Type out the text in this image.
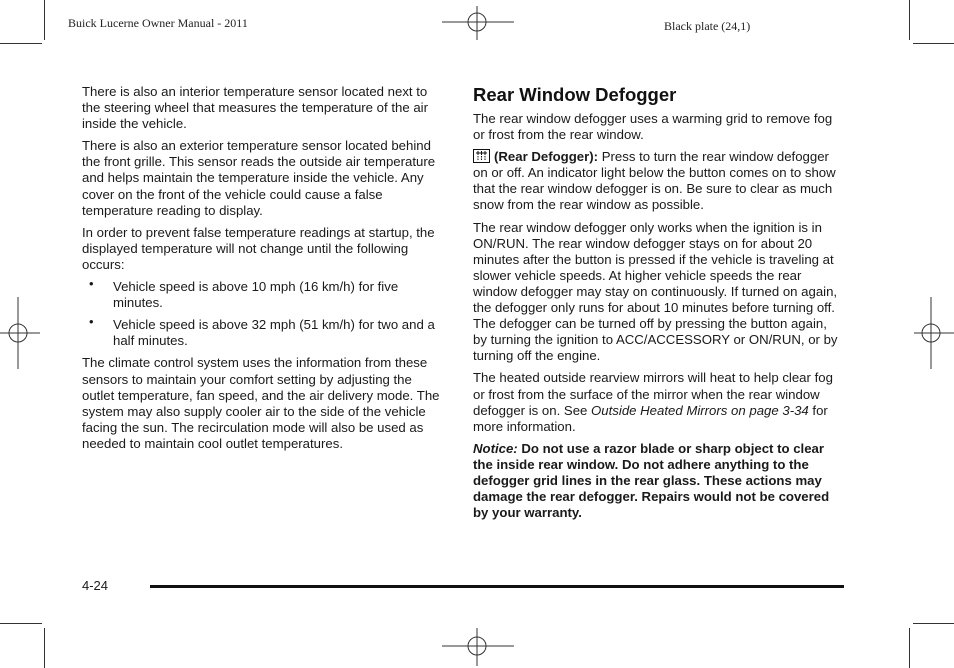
Buick Lucerne Owner Manual - 2011	Black plate (24,1)

There is also an interior temperature sensor located next to the steering wheel that measures the temperature of the air inside the vehicle.

There is also an exterior temperature sensor located behind the front grille. This sensor reads the outside air temperature and helps maintain the temperature inside the vehicle. Any cover on the front of the vehicle could cause a false temperature reading to display.

In order to prevent false temperature readings at startup, the displayed temperature will not change until the following occurs:

• Vehicle speed is above 10 mph (16 km/h) for five minutes.
• Vehicle speed is above 32 mph (51 km/h) for two and a half minutes.

The climate control system uses the information from these sensors to maintain your comfort setting by adjusting the outlet temperature, fan speed, and the air delivery mode. The system may also supply cooler air to the side of the vehicle facing the sun. The recirculation mode will also be used as needed to maintain cool outlet temperatures.

Rear Window Defogger

The rear window defogger uses a warming grid to remove fog or frost from the rear window.

(Rear Defogger): Press to turn the rear window defogger on or off. An indicator light below the button comes on to show that the rear window defogger is on. Be sure to clear as much snow from the rear window as possible.

The rear window defogger only works when the ignition is in ON/RUN. The rear window defogger stays on for about 20 minutes after the button is pressed if the vehicle is traveling at slower vehicle speeds. At higher vehicle speeds the rear window defogger may stay on continuously. If turned on again, the defogger only runs for about 10 minutes before turning off. The defogger can be turned off by pressing the button again, by turning the ignition to ACC/ACCESSORY or ON/RUN, or by turning off the engine.

The heated outside rearview mirrors will heat to help clear fog or frost from the surface of the mirror when the rear window defogger is on. See Outside Heated Mirrors on page 3-34 for more information.

Notice: Do not use a razor blade or sharp object to clear the inside rear window. Do not adhere anything to the defogger grid lines in the rear glass. These actions may damage the rear defogger. Repairs would not be covered by your warranty.

4-24
